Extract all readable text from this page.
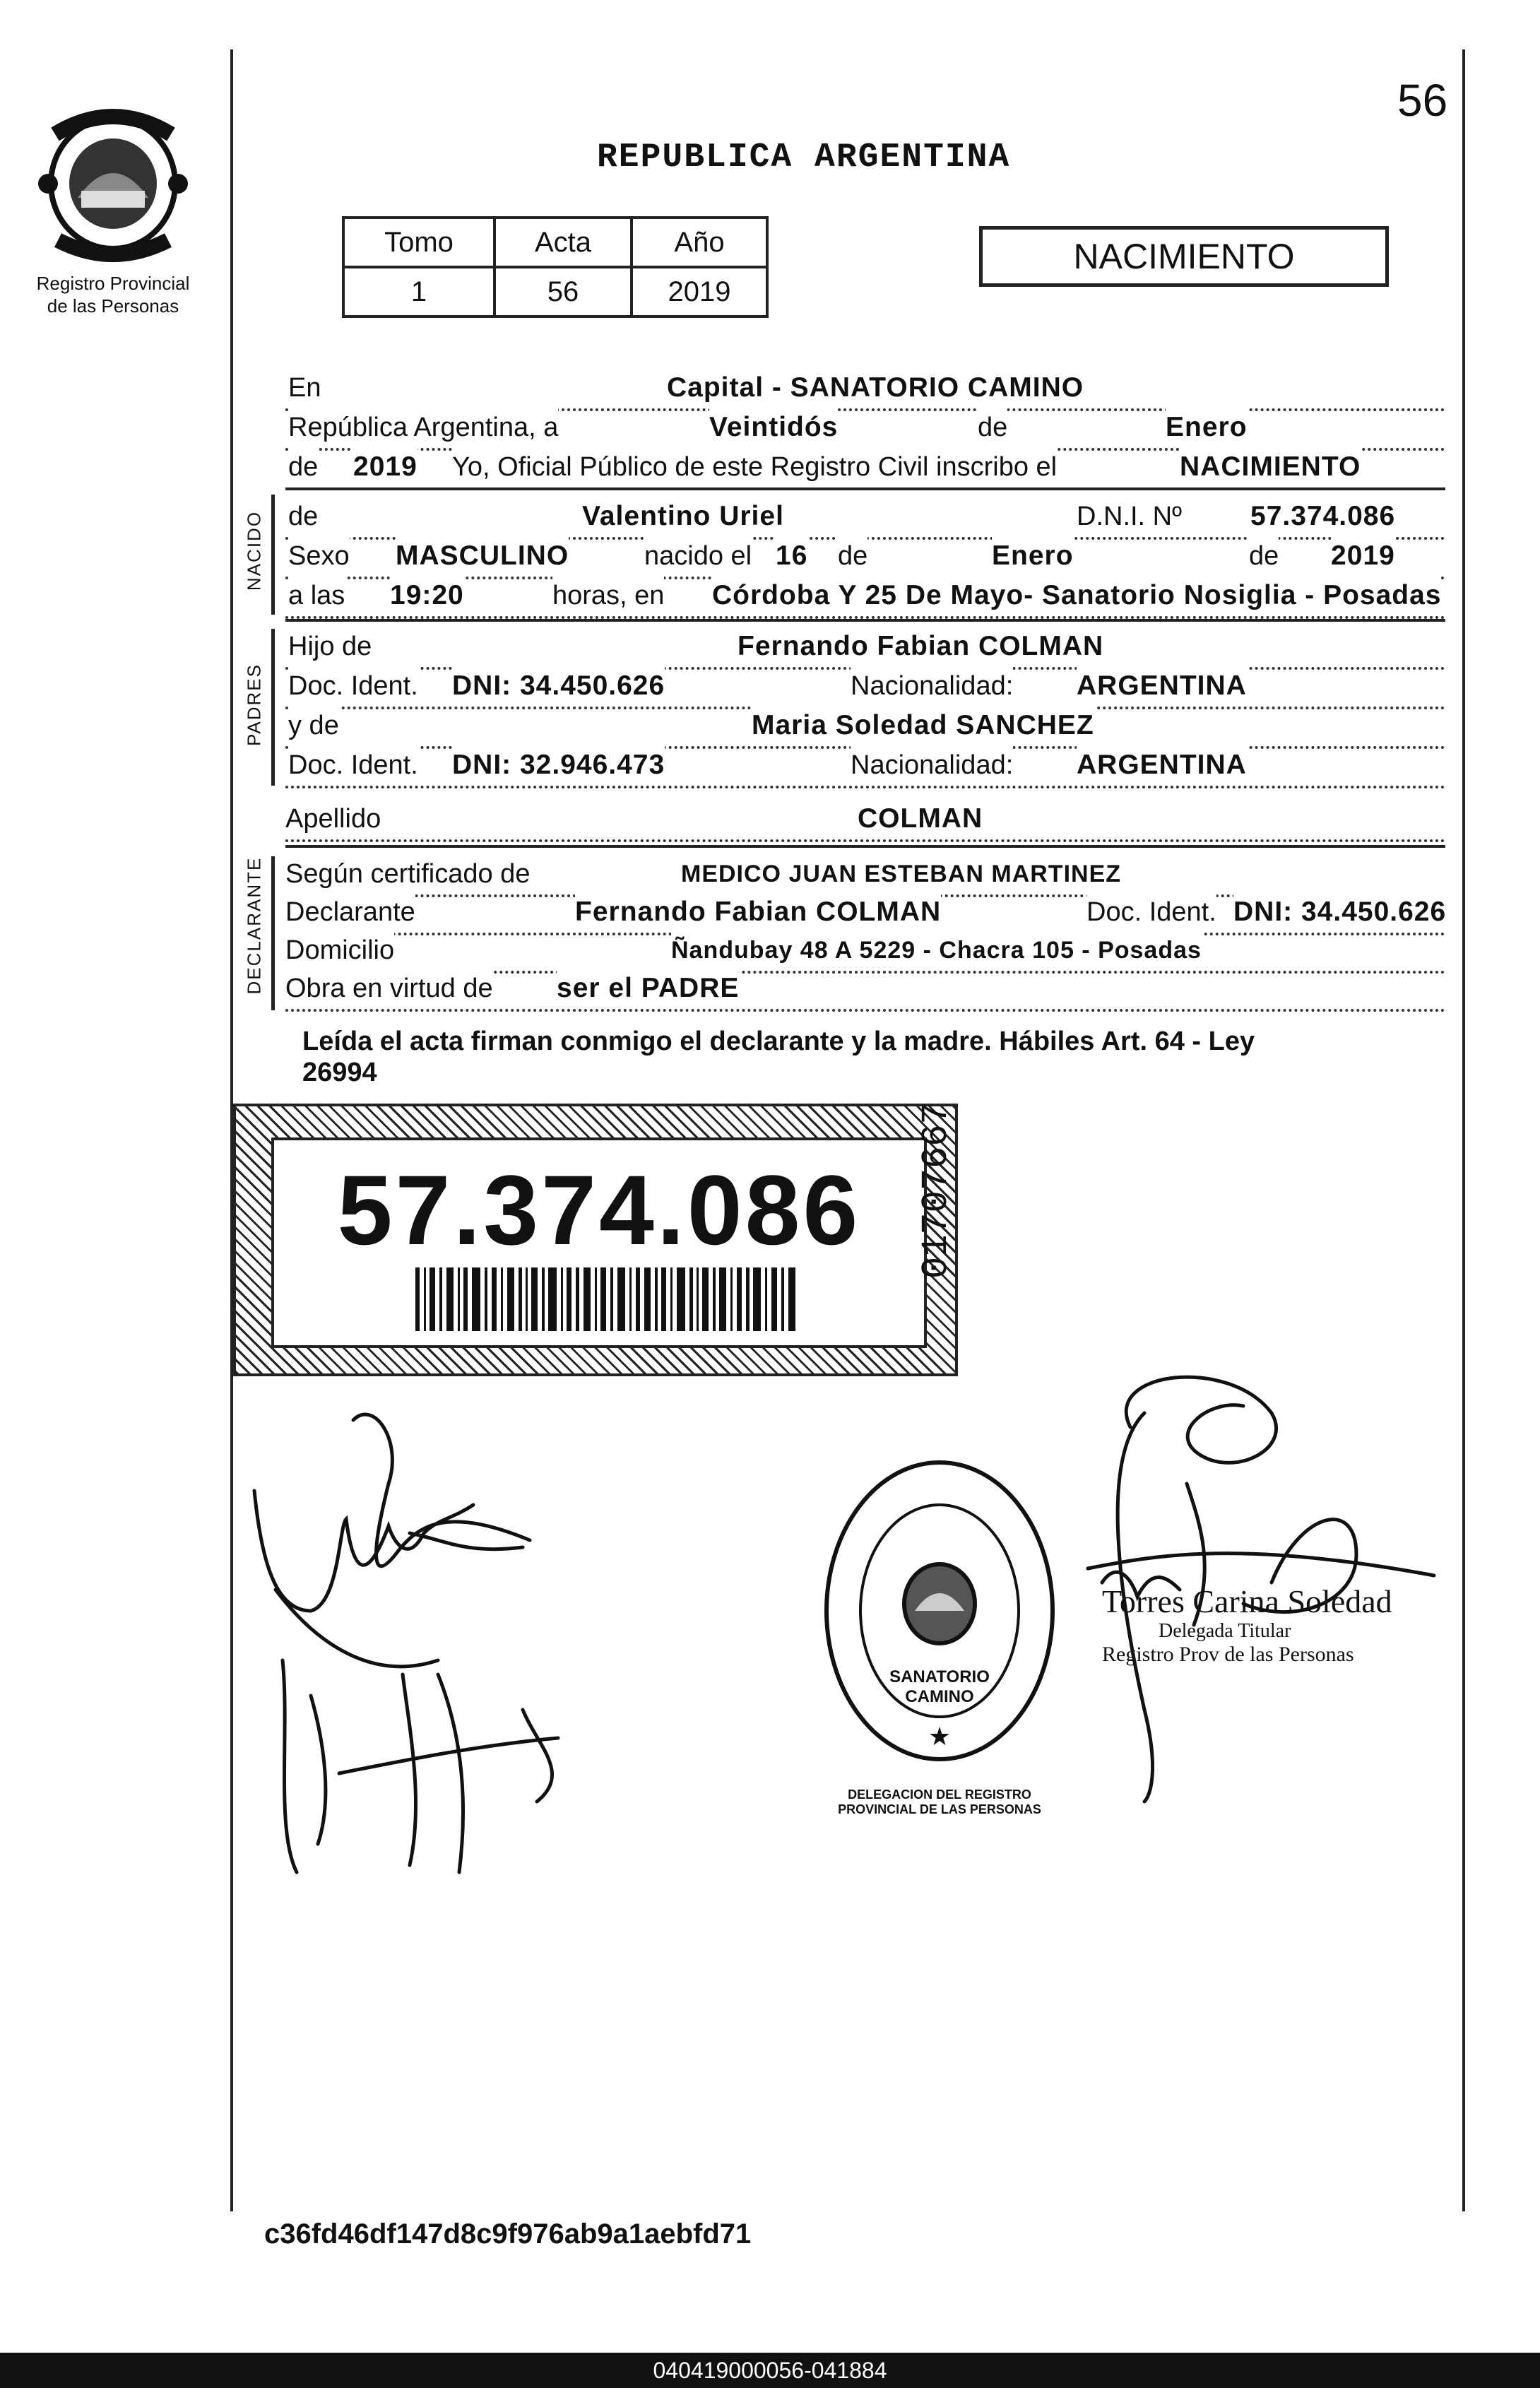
Registro Provincial
de las Personas
56
REPUBLICA ARGENTINA
Tomo	Acta	Año
1	56	2019
NACIMIENTO
En	Capital - SANATORIO CAMINO
República Argentina, a	Veintidós	de	Enero
de 2019 Yo, Oficial Público de este Registro Civil inscribo el	NACIMIENTO
NACIDO de	Valentino Uriel	D.N.I. Nº 57.374.086
Sexo MASCULINO	nacido el 16 de	Enero	de 2019
a las 19:20	horas, en Córdoba Y 25 De Mayo- Sanatorio Nosiglia - Posadas
PADRES
Hijo de	Fernando Fabian COLMAN
Doc. Ident. DNI: 34.450.626	Nacionalidad: ARGENTINA
y de	Maria Soledad SANCHEZ
Doc. Ident. DNI: 32.946.473	Nacionalidad: ARGENTINA
Apellido	COLMAN
DECLARANTE Según certificado de	MEDICO JUAN ESTEBAN MARTINEZ
Declarante	Fernando Fabian COLMAN	Doc. Ident. DNI: 34.450.626
Domicilio	Ñandubay 48 A 5229 - Chacra 105 - Posadas
Obra en virtud de ser el PADRE
Leída el acta firman conmigo el declarante y la madre. Hábiles Art. 64 - Ley
26994
57.374.086	01707667
★
DELEGACION DEL REGISTRO PROVINCIAL DE LAS PERSONAS
SANATORIO CAMINO
Torres Carina Soledad
Delegada Titular
Registro Prov de las Personas
c36fd46df147d8c9f976ab9a1aebfd71
040419000056-041884
